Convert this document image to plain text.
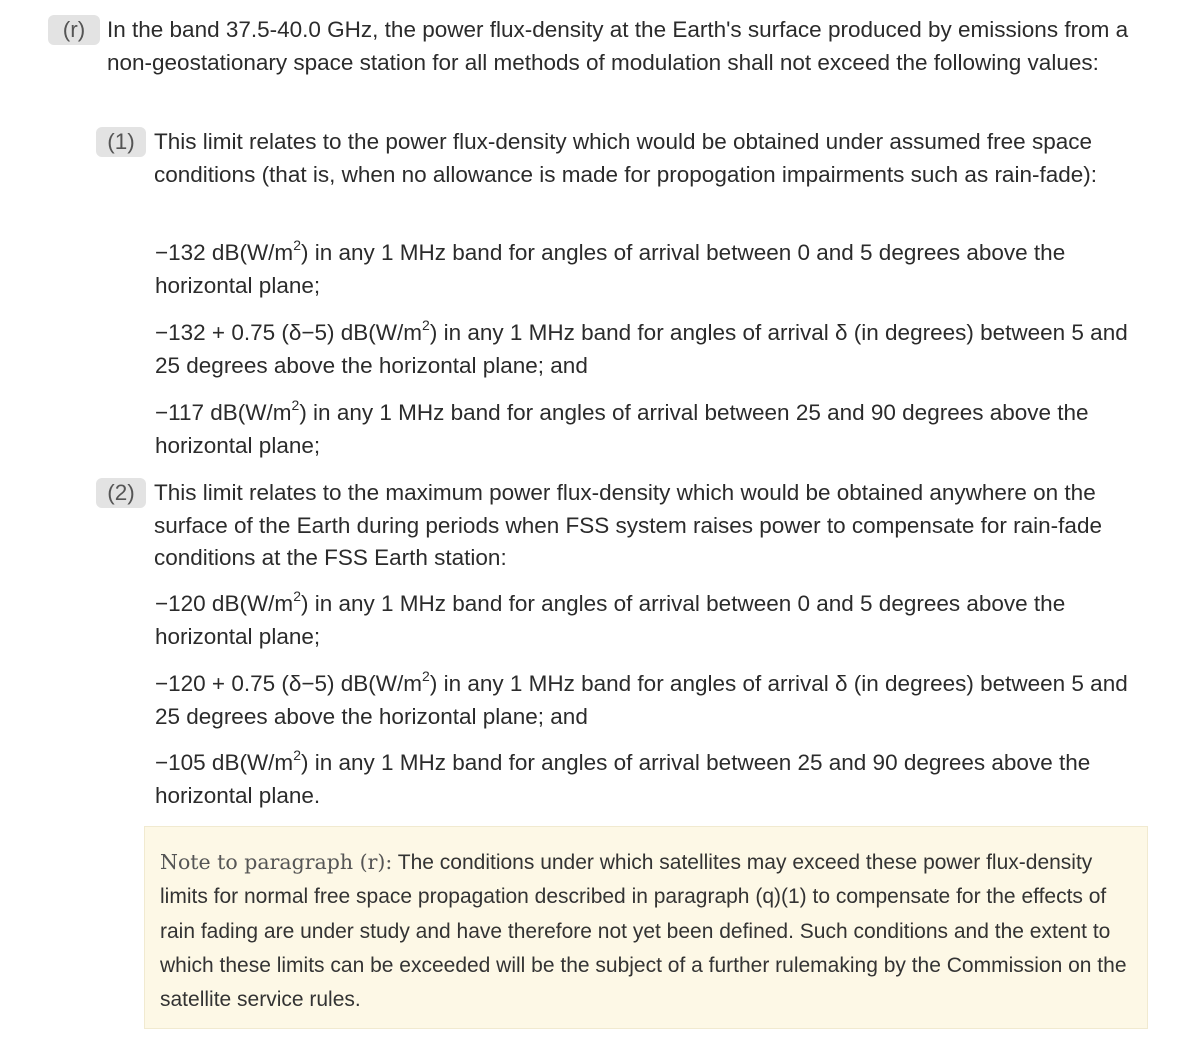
(r) In the band 37.5-40.0 GHz, the power flux-density at the Earth's surface produced by emissions from a non-geostationary space station for all methods of modulation shall not exceed the following values:

(1) This limit relates to the power flux-density which would be obtained under assumed free space conditions (that is, when no allowance is made for propogation impairments such as rain-fade):

−132 $dB(W/m^2)$ in any 1 MHz band for angles of arrival between 0 and 5 degrees above the horizontal plane;

−132 + 0.75 (δ−5) $dB(W/m^2)$ in any 1 MHz band for angles of arrival δ (in degrees) between 5 and 25 degrees above the horizontal plane; and

−117 $dB(W/m^2)$ in any 1 MHz band for angles of arrival between 25 and 90 degrees above the horizontal plane;

(2) This limit relates to the maximum power flux-density which would be obtained anywhere on the surface of the Earth during periods when FSS system raises power to compensate for rain-fade conditions at the FSS Earth station:

−120 $dB(W/m^2)$ in any 1 MHz band for angles of arrival between 0 and 5 degrees above the horizontal plane;

−120 + 0.75 (δ−5) $dB(W/m^2)$ in any 1 MHz band for angles of arrival δ (in degrees) between 5 and 25 degrees above the horizontal plane; and

−105 $dB(W/m^2)$ in any 1 MHz band for angles of arrival between 25 and 90 degrees above the horizontal plane.

Note to paragraph (r): The conditions under which satellites may exceed these power flux-density limits for normal free space propagation described in paragraph (q)(1) to compensate for the effects of rain fading are under study and have therefore not yet been defined. Such conditions and the extent to which these limits can be exceeded will be the subject of a further rulemaking by the Commission on the satellite service rules.
